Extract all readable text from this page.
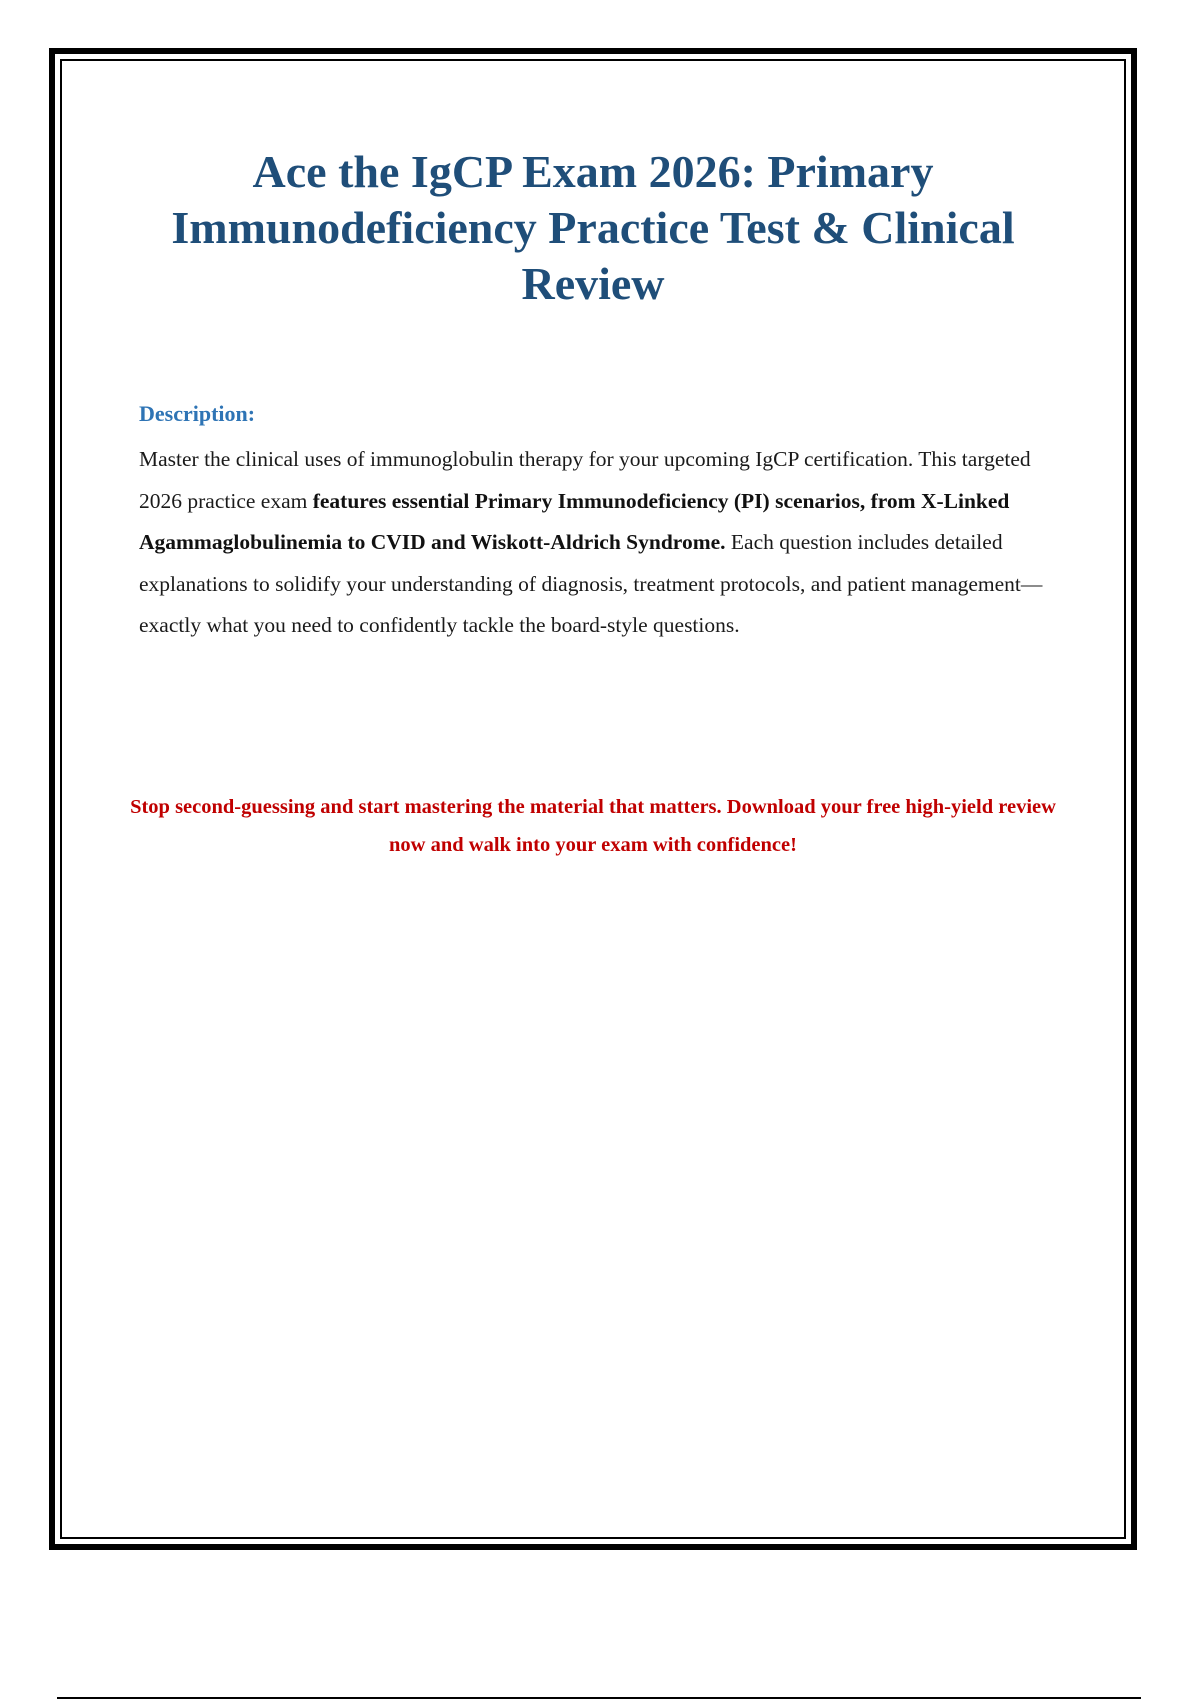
Ace the IgCP Exam 2026: Primary Immunodeficiency Practice Test & Clinical Review
Description:

Master the clinical uses of immunoglobulin therapy for your upcoming IgCP certification. This targeted 2026 practice exam features essential Primary Immunodeficiency (PI) scenarios, from X-Linked Agammaglobulinemia to CVID and Wiskott-Aldrich Syndrome. Each question includes detailed explanations to solidify your understanding of diagnosis, treatment protocols, and patient management—exactly what you need to confidently tackle the board-style questions.

Stop second-guessing and start mastering the material that matters. Download your free high-yield review now and walk into your exam with confidence!
